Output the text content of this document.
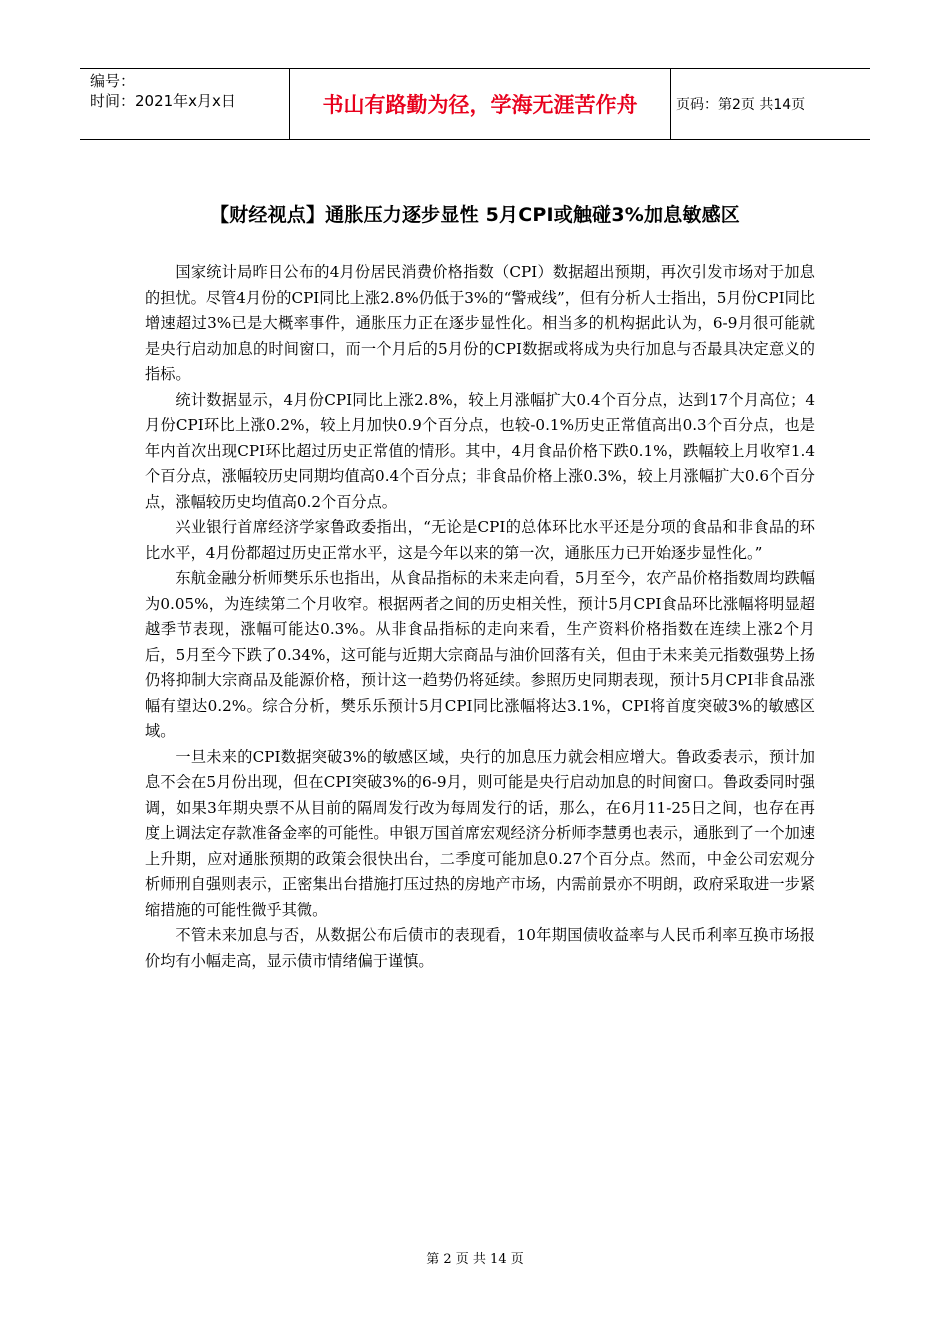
编号：
时间：2021年x月x日	书山有路勤为径，学海无涯苦作舟	页码：第2页 共14页
【财经视点】通胀压力逐步显性 5月CPI或触碰3%加息敏感区

国家统计局昨日公布的4月份居民消费价格指数（CPI）数据超出预期，再次引发市场对于加息的担忧。尽管4月份的CPI同比上涨2.8%仍低于3%的“警戒线”，但有分析人士指出，5月份CPI同比增速超过3%已是大概率事件，通胀压力正在逐步显性化。相当多的机构据此认为，6-9月很可能就是央行启动加息的时间窗口，而一个月后的5月份的CPI数据或将成为央行加息与否最具决定意义的指标。

统计数据显示，4月份CPI同比上涨2.8%，较上月涨幅扩大0.4个百分点，达到17个月高位；4月份CPI环比上涨0.2%，较上月加快0.9个百分点，也较-0.1%历史正常值高出0.3个百分点，也是年内首次出现CPI环比超过历史正常值的情形。其中，4月食品价格下跌0.1%，跌幅较上月收窄1.4个百分点，涨幅较历史同期均值高0.4个百分点；非食品价格上涨0.3%，较上月涨幅扩大0.6个百分点，涨幅较历史均值高0.2个百分点。

兴业银行首席经济学家鲁政委指出，“无论是CPI的总体环比水平还是分项的食品和非食品的环比水平，4月份都超过历史正常水平，这是今年以来的第一次，通胀压力已开始逐步显性化。”

东航金融分析师樊乐乐也指出，从食品指标的未来走向看，5月至今，农产品价格指数周均跌幅为0.05%，为连续第二个月收窄。根据两者之间的历史相关性，预计5月CPI食品环比涨幅将明显超越季节表现，涨幅可能达0.3%。从非食品指标的走向来看，生产资料价格指数在连续上涨2个月后，5月至今下跌了0.34%，这可能与近期大宗商品与油价回落有关，但由于未来美元指数强势上扬仍将抑制大宗商品及能源价格，预计这一趋势仍将延续。参照历史同期表现，预计5月CPI非食品涨幅有望达0.2%。综合分析，樊乐乐预计5月CPI同比涨幅将达3.1%，CPI将首度突破3%的敏感区域。

一旦未来的CPI数据突破3%的敏感区域，央行的加息压力就会相应增大。鲁政委表示，预计加息不会在5月份出现，但在CPI突破3%的6-9月，则可能是央行启动加息的时间窗口。鲁政委同时强调，如果3年期央票不从目前的隔周发行改为每周发行的话，那么，在6月11-25日之间，也存在再度上调法定存款准备金率的可能性。申银万国首席宏观经济分析师李慧勇也表示，通胀到了一个加速上升期，应对通胀预期的政策会很快出台，二季度可能加息0.27个百分点。然而，中金公司宏观分析师刑自强则表示，正密集出台措施打压过热的房地产市场，内需前景亦不明朗，政府采取进一步紧缩措施的可能性微乎其微。

不管未来加息与否，从数据公布后债市的表现看，10年期国债收益率与人民币利率互换市场报价均有小幅走高，显示债市情绪偏于谨慎。

第 2 页 共 14 页
